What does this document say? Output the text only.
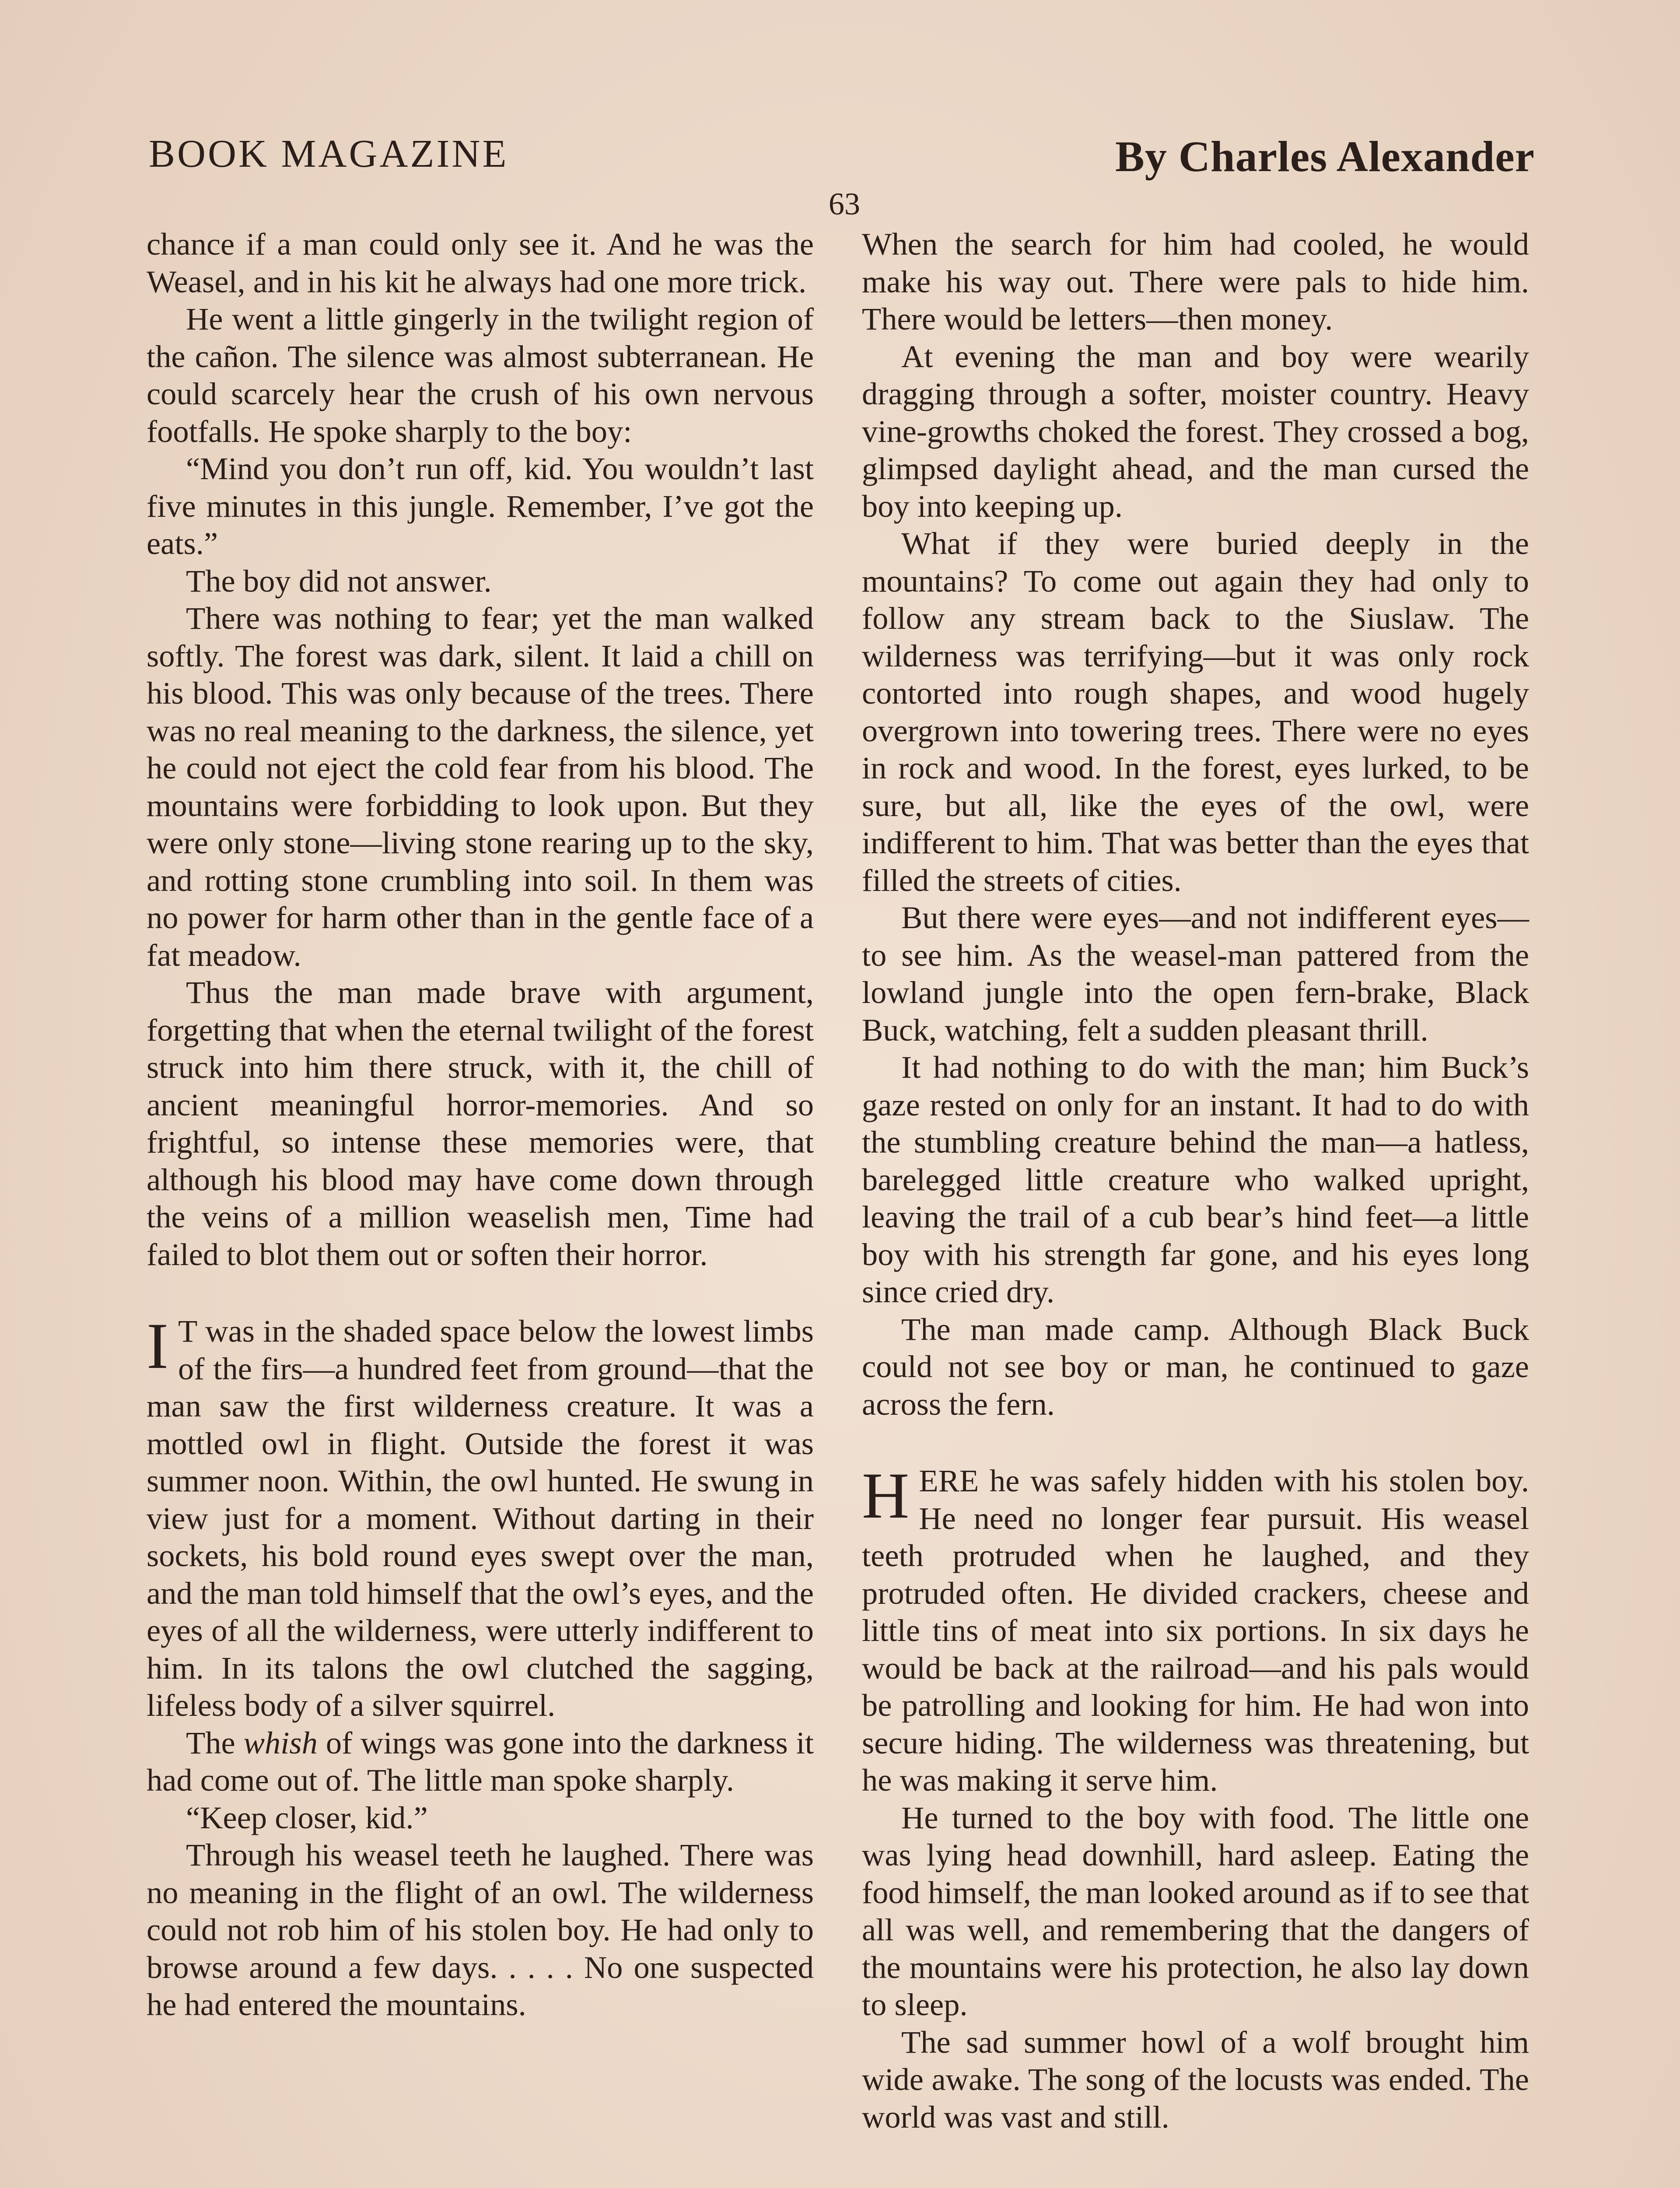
BOOK MAGAZINE	By Charles Alexander
63

chance if a man could only see it. And he was the Weasel, and in his kit he always had one more trick.

He went a little gingerly in the twilight region of the cañon. The silence was almost subterranean. He could scarcely hear the crush of his own nervous footfalls. He spoke sharply to the boy:

“Mind you don’t run off, kid. You wouldn’t last five minutes in this jungle. Remember, I’ve got the eats.”

The boy did not answer.

There was nothing to fear; yet the man walked softly. The forest was dark, silent. It laid a chill on his blood. This was only because of the trees. There was no real meaning to the darkness, the silence, yet he could not eject the cold fear from his blood. The mountains were forbidding to look upon. But they were only stone—living stone rearing up to the sky, and rotting stone crumbling into soil. In them was no power for harm other than in the gentle face of a fat meadow.

Thus the man made brave with argument, forgetting that when the eternal twilight of the forest struck into him there struck, with it, the chill of ancient meaningful horror-memories. And so frightful, so intense these memories were, that although his blood may have come down through the veins of a million weaselish men, Time had failed to blot them out or soften their horror.

I T was in the shaded space below the lowest limbs of the firs—a hundred feet from ground—that the man saw the first wilderness creature. It was a mottled owl in flight. Outside the forest it was summer noon. Within, the owl hunted. He swung in view just for a moment. Without darting in their sockets, his bold round eyes swept over the man, and the man told himself that the owl’s eyes, and the eyes of all the wilderness, were utterly indifferent to him. In its talons the owl clutched the sagging, lifeless body of a silver squirrel.

The whish of wings was gone into the darkness it had come out of. The little man spoke sharply.

“Keep closer, kid.”

Through his weasel teeth he laughed. There was no meaning in the flight of an owl. The wilderness could not rob him of his stolen boy. He had only to browse around a few days. . . . . No one suspected he had entered the mountains.

When the search for him had cooled, he would make his way out. There were pals to hide him. There would be letters—then money.

At evening the man and boy were wearily dragging through a softer, moister country. Heavy vine-growths choked the forest. They crossed a bog, glimpsed daylight ahead, and the man cursed the boy into keeping up.

What if they were buried deeply in the mountains? To come out again they had only to follow any stream back to the Siuslaw. The wilderness was terrifying—but it was only rock contorted into rough shapes, and wood hugely overgrown into towering trees. There were no eyes in rock and wood. In the forest, eyes lurked, to be sure, but all, like the eyes of the owl, were indifferent to him. That was better than the eyes that filled the streets of cities.

But there were eyes—and not indifferent eyes—to see him. As the weasel-man pattered from the lowland jungle into the open fern-brake, Black Buck, watching, felt a sudden pleasant thrill.

It had nothing to do with the man; him Buck’s gaze rested on only for an instant. It had to do with the stumbling creature behind the man—a hatless, barelegged little creature who walked upright, leaving the trail of a cub bear’s hind feet—a little boy with his strength far gone, and his eyes long since cried dry.

The man made camp. Although Black Buck could not see boy or man, he continued to gaze across the fern.

HERE he was safely hidden with his stolen boy. He need no longer fear pursuit. His weasel teeth protruded when he laughed, and they protruded often. He divided crackers, cheese and little tins of meat into six portions. In six days he would be back at the railroad—and his pals would be patrolling and looking for him. He had won into secure hiding. The wilderness was threatening, but he was making it serve him.

He turned to the boy with food. The little one was lying head downhill, hard asleep. Eating the food himself, the man looked around as if to see that all was well, and remembering that the dangers of the mountains were his protection, he also lay down to sleep.

The sad summer howl of a wolf brought him wide awake. The song of the locusts was ended. The world was vast and still.
